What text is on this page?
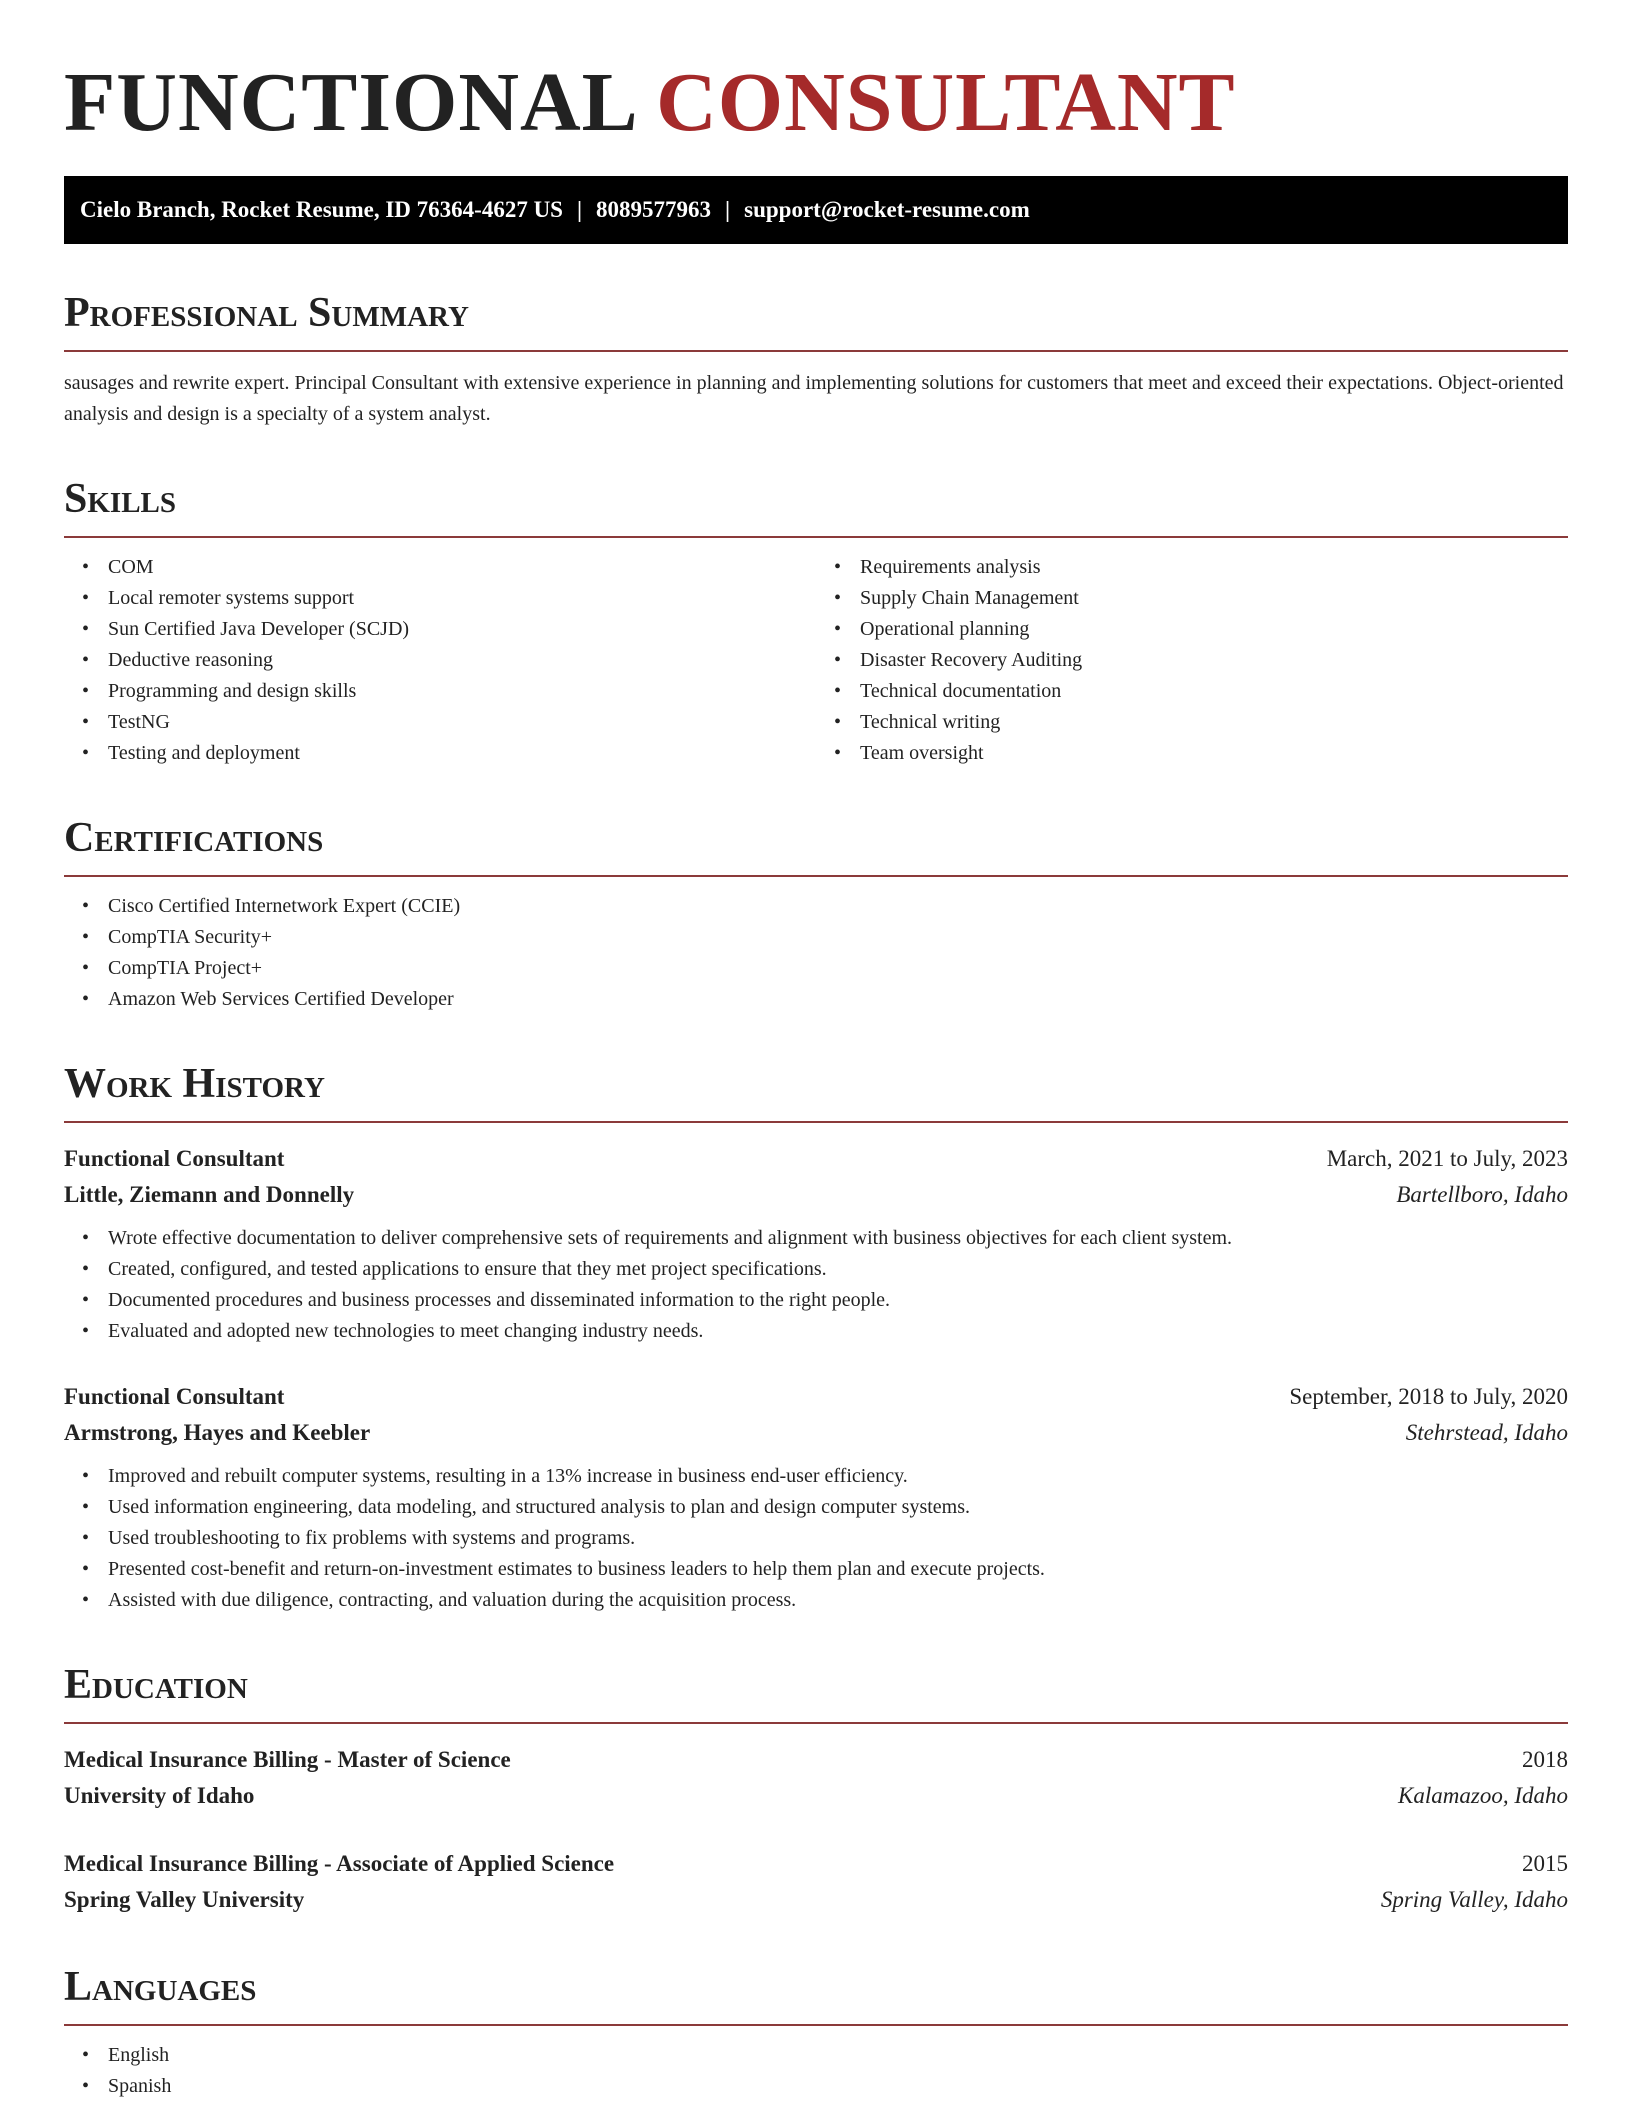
FUNCTIONAL CONSULTANT
Cielo Branch, Rocket Resume, ID 76364-4627 US | 8089577963 | support@rocket-resume.com
Professional Summary

sausages and rewrite expert. Principal Consultant with extensive experience in planning and implementing solutions for customers that meet and exceed their expectations. Object-oriented analysis and design is a specialty of a system analyst.

Skills
• COM
• Local remoter systems support
• Sun Certified Java Developer (SCJD)
• Deductive reasoning
• Programming and design skills
• TestNG
• Testing and deployment
• Requirements analysis
• Supply Chain Management
• Operational planning
• Disaster Recovery Auditing
• Technical documentation
• Technical writing
• Team oversight
Certifications
• Cisco Certified Internetwork Expert (CCIE)
• CompTIA Security+
• CompTIA Project+
• Amazon Web Services Certified Developer
Work History
Functional Consultant	March, 2021 to July, 2023
Little, Ziemann and Donnelly	Bartellboro, Idaho
• Wrote effective documentation to deliver comprehensive sets of requirements and alignment with business objectives for each client system.
• Created, configured, and tested applications to ensure that they met project specifications.
• Documented procedures and business processes and disseminated information to the right people.
• Evaluated and adopted new technologies to meet changing industry needs.
Functional Consultant	September, 2018 to July, 2020
Armstrong, Hayes and Keebler	Stehrstead, Idaho
• Improved and rebuilt computer systems, resulting in a 13% increase in business end-user efficiency.
• Used information engineering, data modeling, and structured analysis to plan and design computer systems.
• Used troubleshooting to fix problems with systems and programs.
• Presented cost-benefit and return-on-investment estimates to business leaders to help them plan and execute projects.
• Assisted with due diligence, contracting, and valuation during the acquisition process.
Education
Medical Insurance Billing - Master of Science	2018
University of Idaho	Kalamazoo, Idaho
Medical Insurance Billing - Associate of Applied Science	2015
Spring Valley University	Spring Valley, Idaho
Languages
• English
• Spanish
